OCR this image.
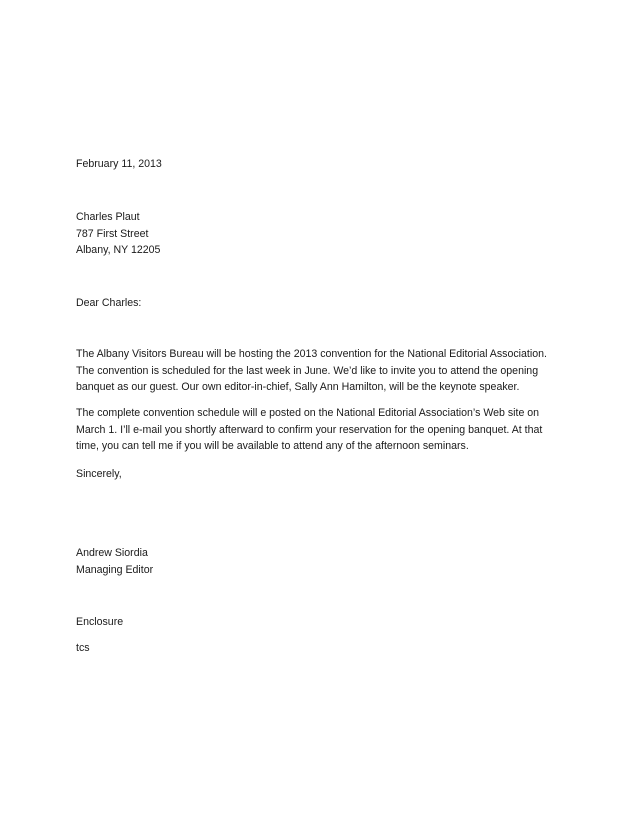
February 11, 2013
Charles Plaut
787 First Street
Albany, NY 12205
Dear Charles:
The Albany Visitors Bureau will be hosting the 2013 convention for the National Editorial Association.
The convention is scheduled for the last week in June. We’d like to invite you to attend the opening
banquet as our guest. Our own editor-in-chief, Sally Ann Hamilton, will be the keynote speaker.
The complete convention schedule will e posted on the National Editorial Association’s Web site on
March 1. I’ll e-mail you shortly afterward to confirm your reservation for the opening banquet. At that
time, you can tell me if you will be available to attend any of the afternoon seminars.
Sincerely,
Andrew Siordia
Managing Editor
Enclosure
tcs
